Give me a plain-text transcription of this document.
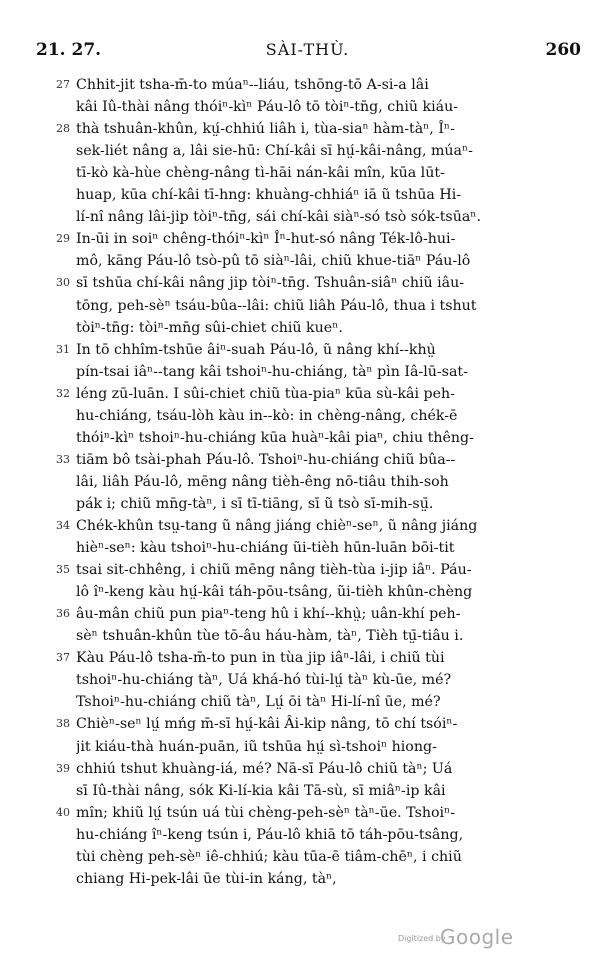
21. 27.	SÀI-THÙ.	260
27 Chhit-jit tsha-m̄-to múaⁿ--liáu, tshōng-tō A-si-a lâi
kâi Iû-thài nâng thóiⁿ-kìⁿ Páu-lô tō tòiⁿ-tn̄g, chiũ kiáu-
28 thà tshuân-khûn, kṳ́-chhiú liâh i, tùa-siaⁿ hàm-tàⁿ, Îⁿ-
sek-liét nâng a, lâi sie-hū: Chí-kâi sī hṳ́-kâi-nâng, múaⁿ-
tī-kò kà-hùe chèng-nâng tì-hāi nán-kâi mîn, kūa lūt-
huap, kūa chí-kâi tī-hng: khuàng-chhiáⁿ iā ũ tshūa Hi-
lí-nî nâng lâi-jip tòiⁿ-tn̄g, sái chí-kâi siàⁿ-só tsò sók-tsūaⁿ.
29 In-ūi in soiⁿ chêng-thóiⁿ-kìⁿ Îⁿ-hut-só nâng Ték-lô-hui-
mô, kāng Páu-lô tsò-pû tō siàⁿ-lâi, chiũ khue-tiāⁿ Páu-lô
30 sī tshūa chí-kâi nâng jip tòiⁿ-tn̄g. Tshuân-siâⁿ chiũ iâu-
tōng, peh-sèⁿ tsáu-bûa--lâi: chiũ liâh Páu-lô, thua i tshut
tòiⁿ-tn̄g: tòiⁿ-mn̄g sûi-chiet chiũ kueⁿ.
31 In tō chhîm-tshūe âiⁿ-suah Páu-lô, ũ nâng khí--khṳ̀
pín-tsai iâⁿ--tang kâi tshoiⁿ-hu-chiáng, tàⁿ pìn Iâ-lū-sat-
32 léng zū-luān. I sûi-chiet chiũ tùa-piaⁿ kūa sù-kâi peh-
hu-chiáng, tsáu-lòh kàu in--kò: in chèng-nâng, chék-ē
thóiⁿ-kìⁿ tshoiⁿ-hu-chiáng kūa huàⁿ-kâi piaⁿ, chiu thêng-
33 tiām bô tsài-phah Páu-lô. Tshoiⁿ-hu-chiáng chiũ bûa--
lâi, liâh Páu-lô, mēng nâng tièh-êng nō-tiâu thih-soh
pák i; chiũ mn̄g-tàⁿ, i sī tī-tiāng, sī ũ tsò sī-mih-sṳ̄.
34 Chék-khûn tsṳ-tang ũ nâng jiáng chièⁿ-seⁿ, ũ nâng jiáng
hièⁿ-seⁿ: kàu tshoiⁿ-hu-chiáng ũi-tièh hūn-luān bōi-tit
35 tsai sit-chhêng, i chiũ mēng nâng tièh-tùa i-jip iâⁿ. Páu-
lô îⁿ-keng kàu hṳ́-kâi táh-pōu-tsâng, ũi-tièh khûn-chèng
36 âu-mân chiũ pun piaⁿ-teng hû i khí--khṳ̀; uân-khí peh-
sèⁿ tshuân-khûn tùe tō-âu háu-hàm, tàⁿ, Tièh tṳ̄-tiâu i.
37 Kàu Páu-lô tsha-m̄-to pun in tùa jip iâⁿ-lâi, i chiũ tùi
tshoiⁿ-hu-chiáng tàⁿ, Uá khá-hó tùi-lṳ́ tàⁿ kù-ūe, mé?
Tshoiⁿ-hu-chiáng chiũ tàⁿ, Lṳ́ ōi tàⁿ Hi-lí-nî ūe, mé?
38 Chièⁿ-seⁿ lṳ́ mńg m̄-sī hṳ́-kâi Âi-kip nâng, tō chí tsóiⁿ-
jit kiáu-thà huán-puān, iũ tshūa hṳ́ sì-tshoiⁿ hiong-
39 chhiú tshut khuàng-iá, mé? Nā-sī Páu-lô chiũ tàⁿ; Uá
sī Iû-thài nâng, sók Ki-lí-kia kâi Tā-sù, sī miâⁿ-ip kâi
40 mîn; khiũ lṳ́ tsún uá tùi chèng-peh-sèⁿ tàⁿ-ūe. Tshoiⁿ-
hu-chiáng îⁿ-keng tsún i, Páu-lô khiā tō táh-pōu-tsâng,
tùi chèng peh-sèⁿ iê-chhiú; kàu tūa-ē tiâm-chēⁿ, i chiũ
chiang Hi-pek-lâi ūe tùi-in káng, tàⁿ,
Digitized by
Google
